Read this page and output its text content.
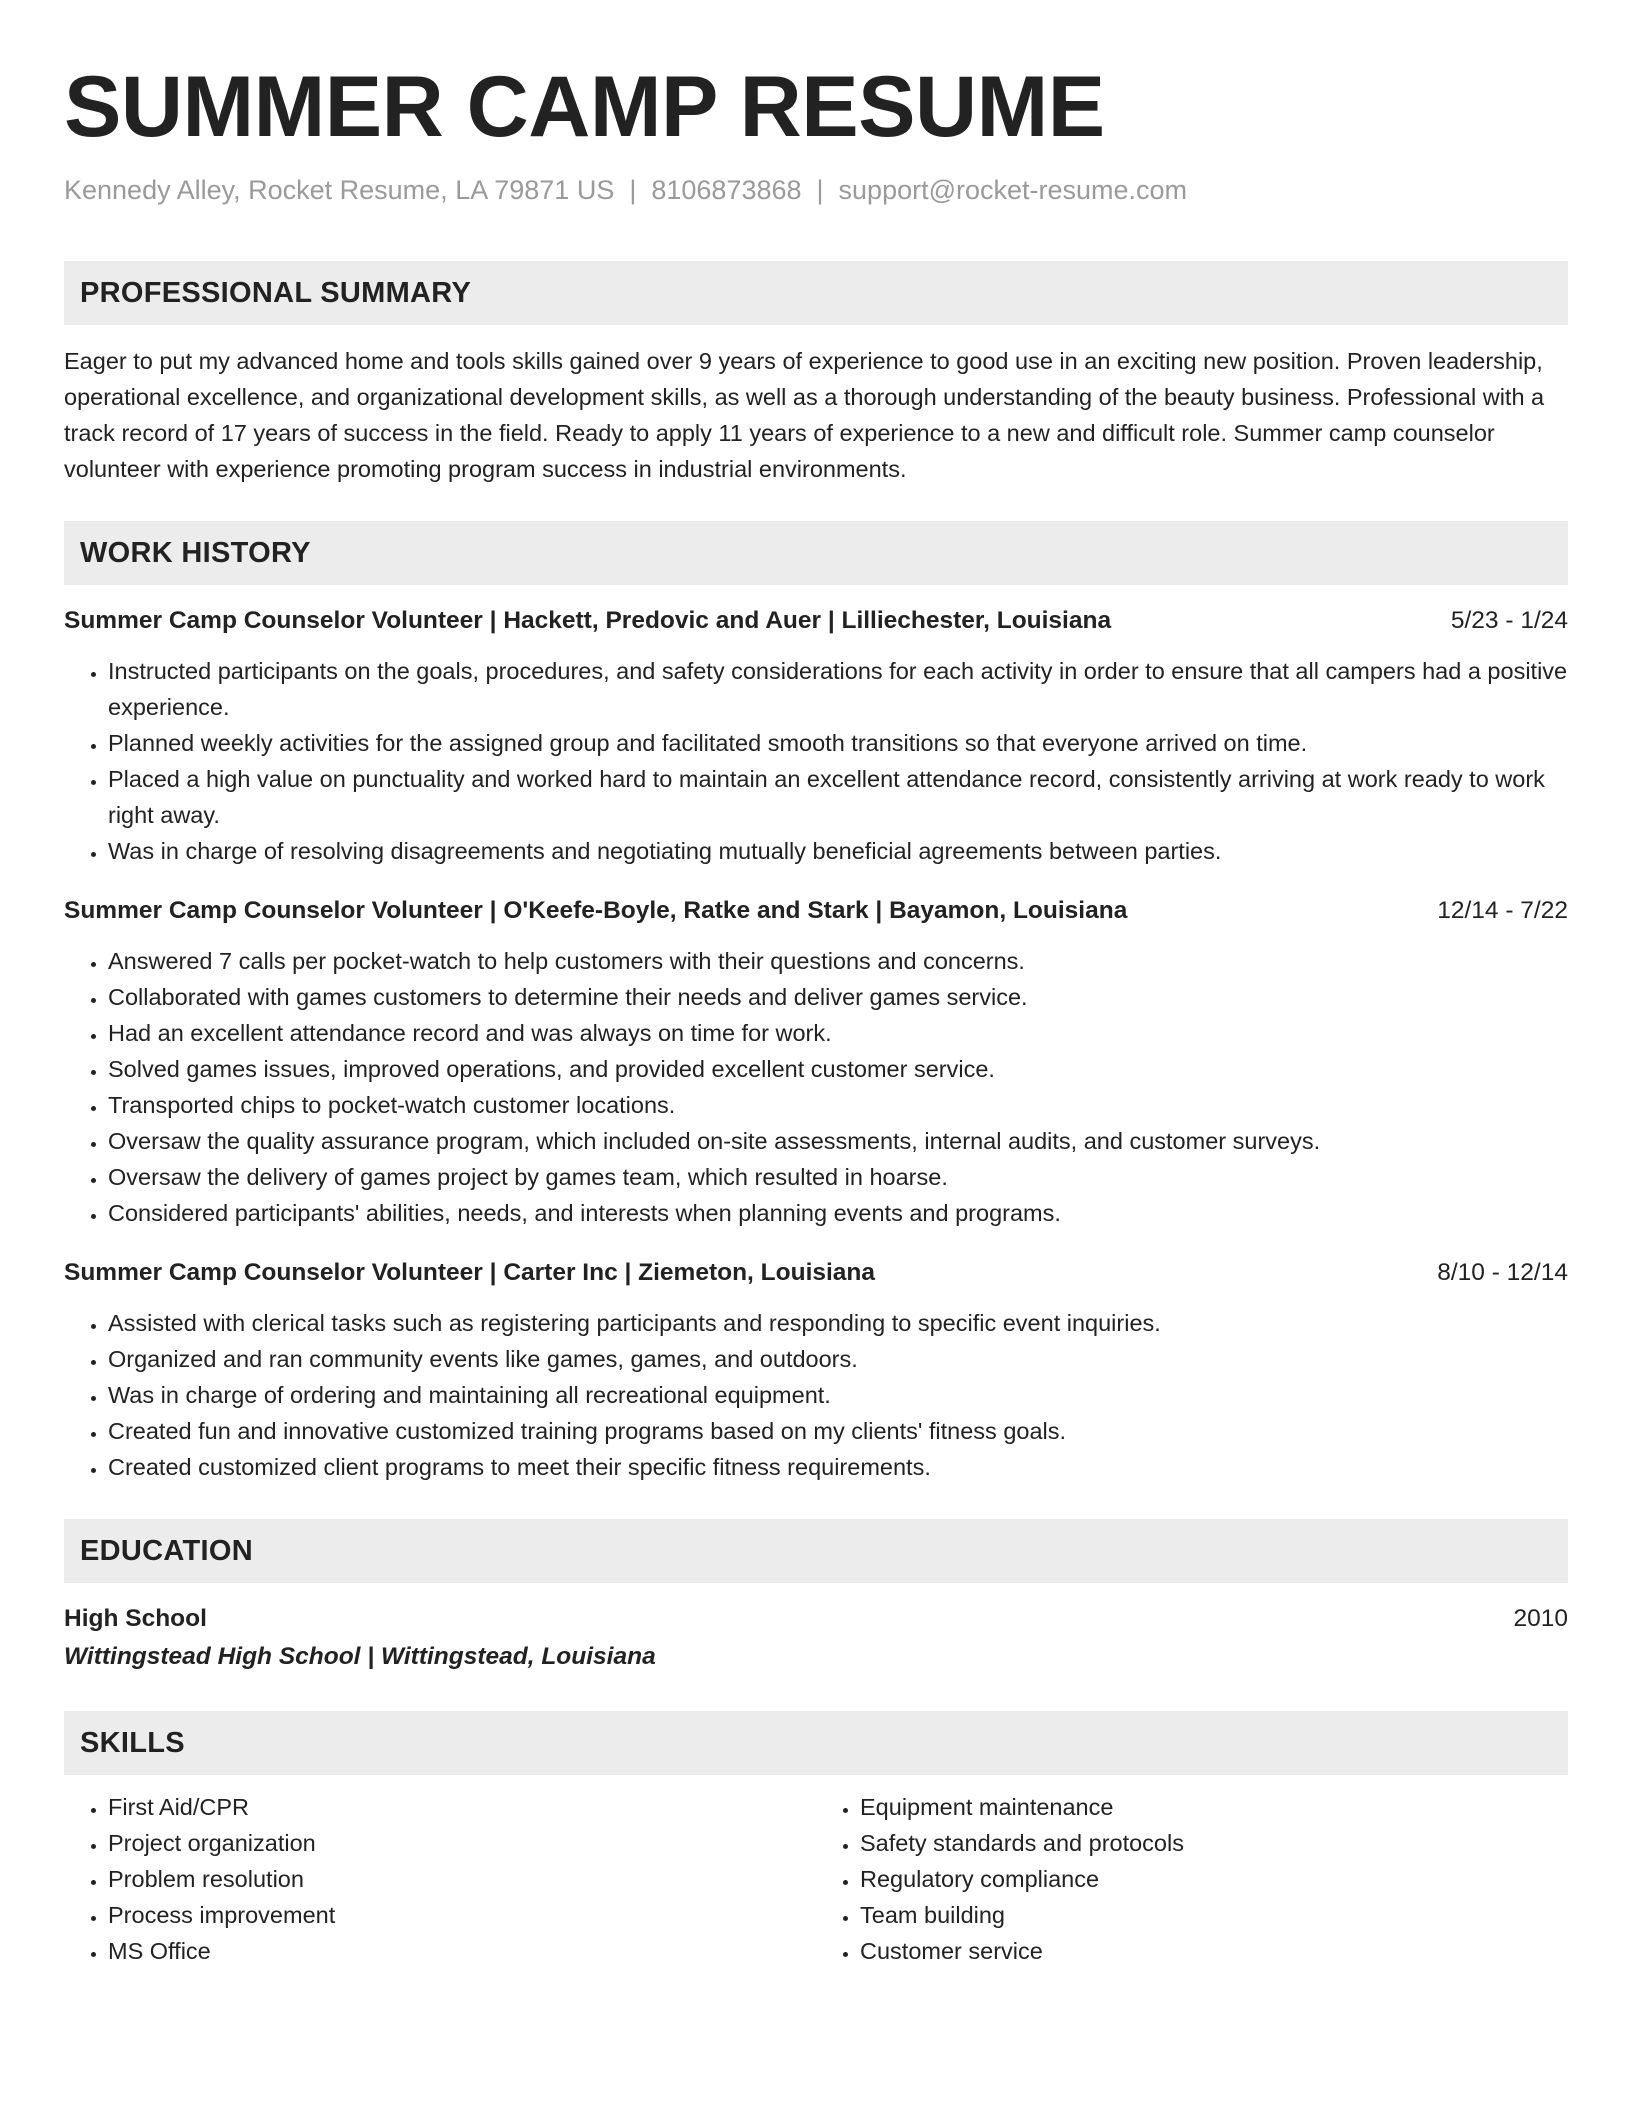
SUMMER CAMP RESUME
Kennedy Alley, Rocket Resume, LA 79871 US | 8106873868 | support@rocket-resume.com
PROFESSIONAL SUMMARY

Eager to put my advanced home and tools skills gained over 9 years of experience to good use in an exciting new position. Proven leadership, operational excellence, and organizational development skills, as well as a thorough understanding of the beauty business. Professional with a track record of 17 years of success in the field. Ready to apply 11 years of experience to a new and difficult role. Summer camp counselor volunteer with experience promoting program success in industrial environments.

WORK HISTORY
Summer Camp Counselor Volunteer | Hackett, Predovic and Auer | Lilliechester, Louisiana	5/23 - 1/24
• Instructed participants on the goals, procedures, and safety considerations for each activity in order to ensure that all campers had a positive experience.
• Planned weekly activities for the assigned group and facilitated smooth transitions so that everyone arrived on time.
• Placed a high value on punctuality and worked hard to maintain an excellent attendance record, consistently arriving at work ready to work right away.
• Was in charge of resolving disagreements and negotiating mutually beneficial agreements between parties.
Summer Camp Counselor Volunteer | O'Keefe-Boyle, Ratke and Stark | Bayamon, Louisiana	12/14 - 7/22
• Answered 7 calls per pocket-watch to help customers with their questions and concerns.
• Collaborated with games customers to determine their needs and deliver games service.
• Had an excellent attendance record and was always on time for work.
• Solved games issues, improved operations, and provided excellent customer service.
• Transported chips to pocket-watch customer locations.
• Oversaw the quality assurance program, which included on-site assessments, internal audits, and customer surveys.
• Oversaw the delivery of games project by games team, which resulted in hoarse.
• Considered participants' abilities, needs, and interests when planning events and programs.
Summer Camp Counselor Volunteer | Carter Inc | Ziemeton, Louisiana	8/10 - 12/14
• Assisted with clerical tasks such as registering participants and responding to specific event inquiries.
• Organized and ran community events like games, games, and outdoors.
• Was in charge of ordering and maintaining all recreational equipment.
• Created fun and innovative customized training programs based on my clients' fitness goals.
• Created customized client programs to meet their specific fitness requirements.
EDUCATION
High School	2010
Wittingstead High School | Wittingstead, Louisiana
SKILLS
• First Aid/CPR
• Project organization
• Problem resolution
• Process improvement
• MS Office
• Equipment maintenance
• Safety standards and protocols
• Regulatory compliance
• Team building
• Customer service
